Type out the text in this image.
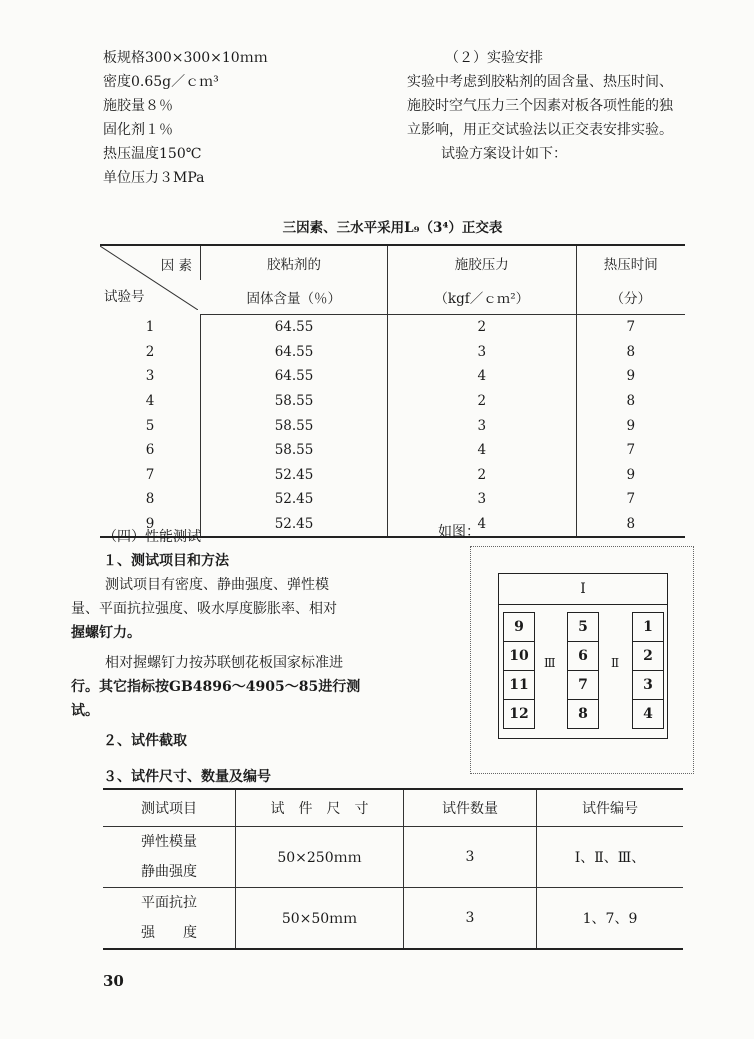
板规格300×300×10ｍｍ
密度0.65g／ｃｍ³
施胶量８％
固化剂１％
热压温度150℃
单位压力３MPa
（２）实验安排
实验中考虑到胶粘剂的固含量、热压时间、
施胶时空气压力三个因素对板各项性能的独
立影响，用正交试验法以正交表安排实验。
试验方案设计如下：
三因素、三水平采用L₉（3⁴）正交表
因 素
试验号	胶粘剂的	施胶压力	热压时间
	固体含量（％）	（kgf／ｃｍ²）	（分）
1	64.55	2	7
2	64.55	3	8
3	64.55	4	9
4	58.55	2	8
5	58.55	3	9
6	58.55	4	7
7	52.45	2	9
8	52.45	3	7
9	52.45	4	8
（四）性能测试
１、测试项目和方法
测试项目有密度、静曲强度、弹性模
量、平面抗拉强度、吸水厚度膨胀率、相对
握螺钉力。
相对握螺钉力按苏联刨花板国家标准进
行。其它指标按GB4896～4905～85进行测
试。
２、试件截取
３、试件尺寸、数量及编号
如图：
Ⅰ
9
10
11
12
Ⅲ
5
6
7
8
Ⅱ
1
2
3
4
测试项目	试　件　尺　寸	试件数量	试件编号

弹性模量
静曲强度	50×250ｍｍ	3	Ⅰ、Ⅱ、Ⅲ、

平面抗拉
强　　度	50×50ｍｍ	3	1、7、9
30
